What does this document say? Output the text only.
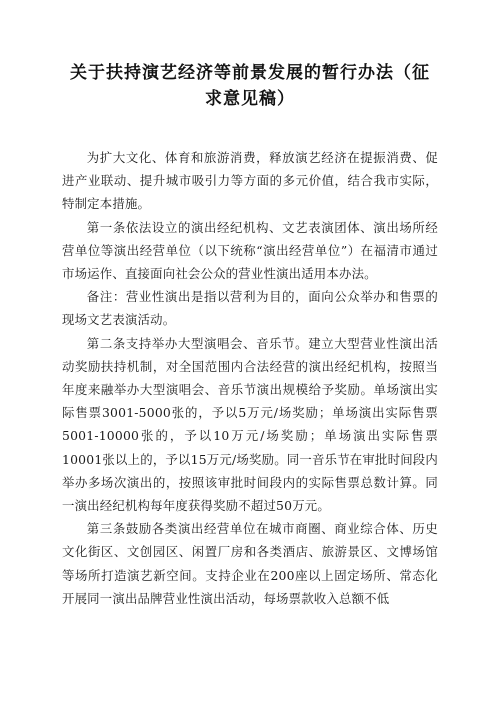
关于扶持演艺经济等前景发展的暂行办法（征求意见稿）

为扩大文化、体育和旅游消费，释放演艺经济在提振消费、促进产业联动、提升城市吸引力等方面的多元价值，结合我市实际，特制定本措施。

第一条依法设立的演出经纪机构、文艺表演团体、演出场所经营单位等演出经营单位（以下统称“演出经营单位”）在福清市通过市场运作、直接面向社会公众的营业性演出适用本办法。

备注：营业性演出是指以营利为目的，面向公众举办和售票的现场文艺表演活动。

第二条支持举办大型演唱会、音乐节。建立大型营业性演出活动奖励扶持机制，对全国范围内合法经营的演出经纪机构，按照当年度来融举办大型演唱会、音乐节演出规模给予奖励。单场演出实际售票3001-5000张的，予以5万元/场奖励；单场演出实际售票5001-10000张的，予以10万元/场奖励；单场演出实际售票10001张以上的，予以15万元/场奖励。同一音乐节在审批时间段内举办多场次演出的，按照该审批时间段内的实际售票总数计算。同一演出经纪机构每年度获得奖励不超过50万元。

第三条鼓励各类演出经营单位在城市商圈、商业综合体、历史文化街区、文创园区、闲置厂房和各类酒店、旅游景区、文博场馆等场所打造演艺新空间。支持企业在200座以上固定场所、常态化开展同一演出品牌营业性演出活动，每场票款收入总额不低
